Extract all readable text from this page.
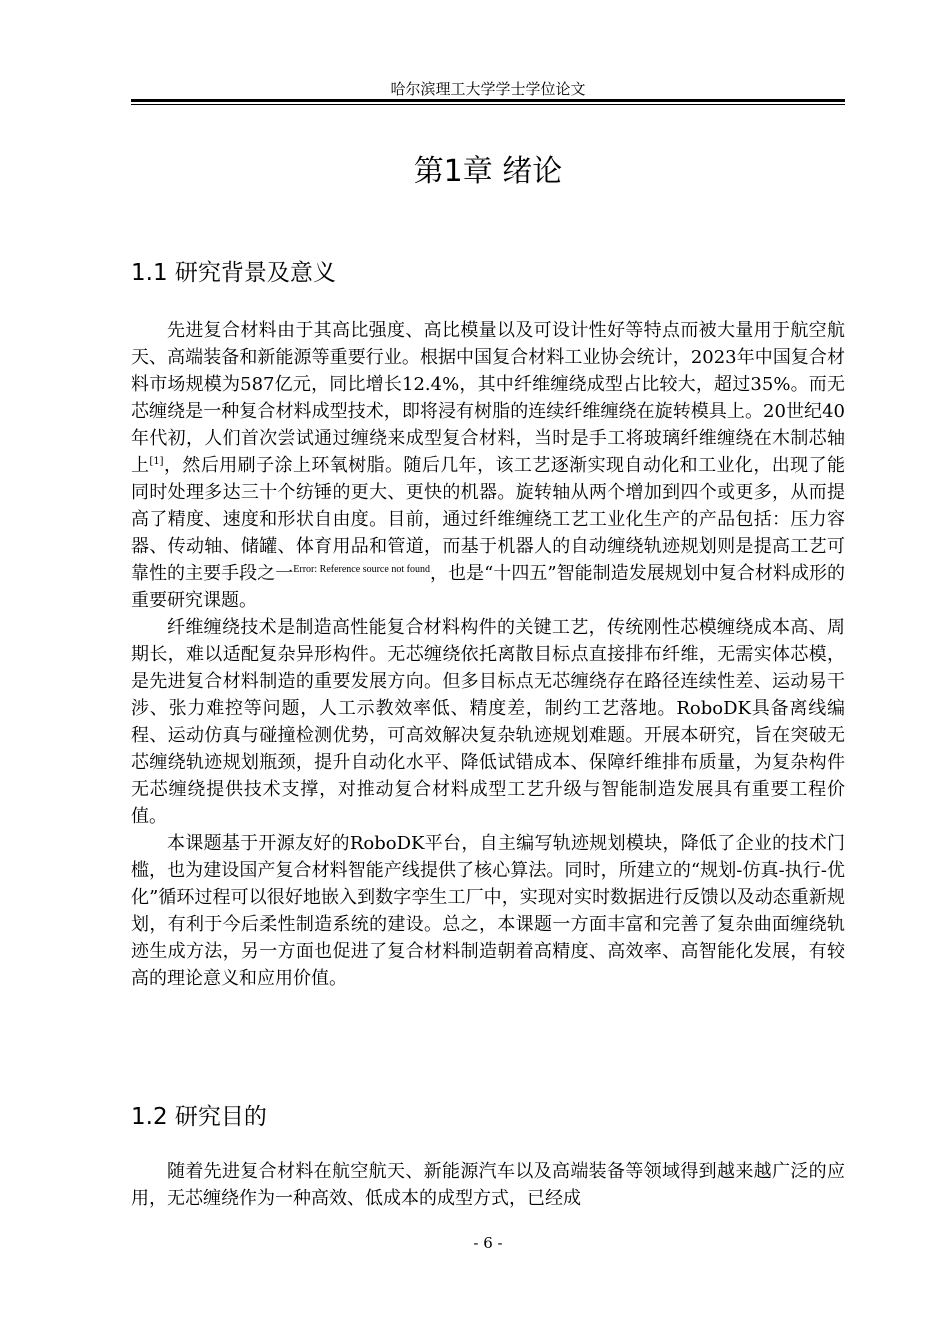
哈尔滨理工大学学士学位论文
第1章 绪论
1.1 研究背景及意义

先进复合材料由于其高比强度、高比模量以及可设计性好等特点而被大量用于航空航天、高端装备和新能源等重要行业。根据中国复合材料工业协会统计，2023年中国复合材料市场规模为587亿元，同比增长12.4%，其中纤维缠绕成型占比较大，超过35%。而无芯缠绕是一种复合材料成型技术，即将浸有树脂的连续纤维缠绕在旋转模具上。20世纪40年代初，人们首次尝试通过缠绕来成型复合材料，当时是手工将玻璃纤维缠绕在木制芯轴上[1]，然后用刷子涂上环氧树脂。随后几年，该工艺逐渐实现自动化和工业化，出现了能同时处理多达三十个纺锤的更大、更快的机器。旋转轴从两个增加到四个或更多，从而提高了精度、速度和形状自由度。目前，通过纤维缠绕工艺工业化生产的产品包括：压力容器、传动轴、储罐、体育用品和管道，而基于机器人的自动缠绕轨迹规划则是提高工艺可靠性的主要手段之一$^{Error: Reference source not found}$，也是“十四五”智能制造发展规划中复合材料成形的重要研究课题。

纤维缠绕技术是制造高性能复合材料构件的关键工艺，传统刚性芯模缠绕成本高、周期长，难以适配复杂异形构件。无芯缠绕依托离散目标点直接排布纤维，无需实体芯模，是先进复合材料制造的重要发展方向。但多目标点无芯缠绕存在路径连续性差、运动易干涉、张力难控等问题，人工示教效率低、精度差，制约工艺落地。RoboDK具备离线编程、运动仿真与碰撞检测优势，可高效解决复杂轨迹规划难题。开展本研究，旨在突破无芯缠绕轨迹规划瓶颈，提升自动化水平、降低试错成本、保障纤维排布质量，为复杂构件无芯缠绕提供技术支撑，对推动复合材料成型工艺升级与智能制造发展具有重要工程价值。

本课题基于开源友好的RoboDK平台，自主编写轨迹规划模块，降低了企业的技术门槛，也为建设国产复合材料智能产线提供了核心算法。同时，所建立的“规划-仿真-执行-优化”循环过程可以很好地嵌入到数字孪生工厂中，实现对实时数据进行反馈以及动态重新规划，有利于今后柔性制造系统的建设。总之，本课题一方面丰富和完善了复杂曲面缠绕轨迹生成方法，另一方面也促进了复合材料制造朝着高精度、高效率、高智能化发展，有较高的理论意义和应用价值。

1.2 研究目的

随着先进复合材料在航空航天、新能源汽车以及高端装备等领域得到越来越广泛的应用，无芯缠绕作为一种高效、低成本的成型方式，已经成

- 6 -
